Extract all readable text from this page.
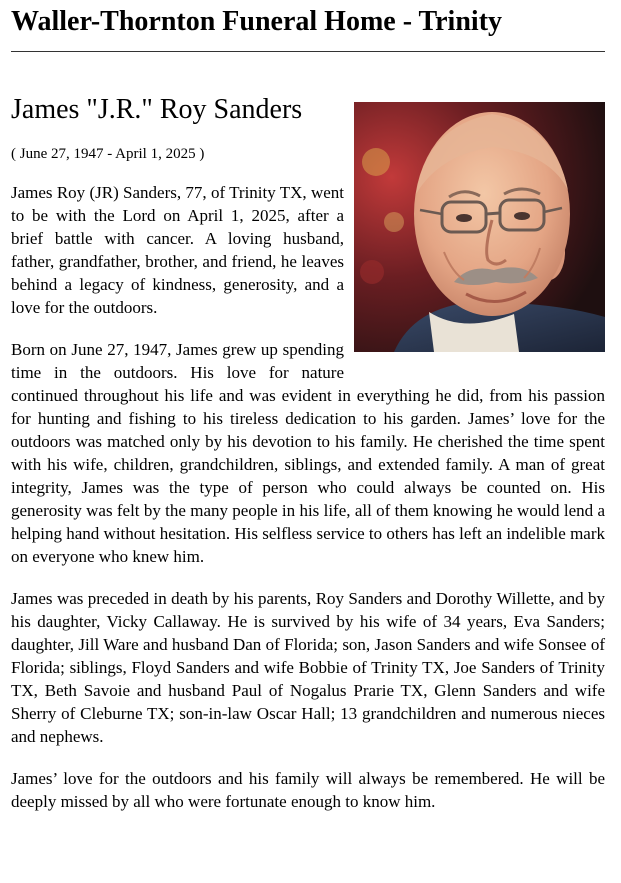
Waller-Thornton Funeral Home - Trinity
James "J.R." Roy Sanders

( June 27, 1947 - April 1, 2025 )

James Roy (JR) Sanders, 77, of Trinity TX, went to be with the Lord on April 1, 2025, after a brief battle with cancer. A loving husband, father, grandfather, brother, and friend, he leaves behind a legacy of kindness, generosity, and a love for the outdoors.

Born on June 27, 1947, James grew up spending time in the outdoors. His love for nature continued throughout his life and was evident in everything he did, from his passion for hunting and fishing to his tireless dedication to his garden. James’ love for the outdoors was matched only by his devotion to his family. He cherished the time spent with his wife, children, grandchildren, siblings, and extended family. A man of great integrity, James was the type of person who could always be counted on. His generosity was felt by the many people in his life, all of them knowing he would lend a helping hand without hesitation. His selfless service to others has left an indelible mark on everyone who knew him.

James was preceded in death by his parents, Roy Sanders and Dorothy Willette, and by his daughter, Vicky Callaway. He is survived by his wife of 34 years, Eva Sanders; daughter, Jill Ware and husband Dan of Florida; son, Jason Sanders and wife Sonsee of Florida; siblings, Floyd Sanders and wife Bobbie of Trinity TX, Joe Sanders of Trinity TX, Beth Savoie and husband Paul of Nogalus Prarie TX, Glenn Sanders and wife Sherry of Cleburne TX; son-in-law Oscar Hall; 13 grandchildren and numerous nieces and nephews.

James’ love for the outdoors and his family will always be remembered. He will be deeply missed by all who were fortunate enough to know him.
